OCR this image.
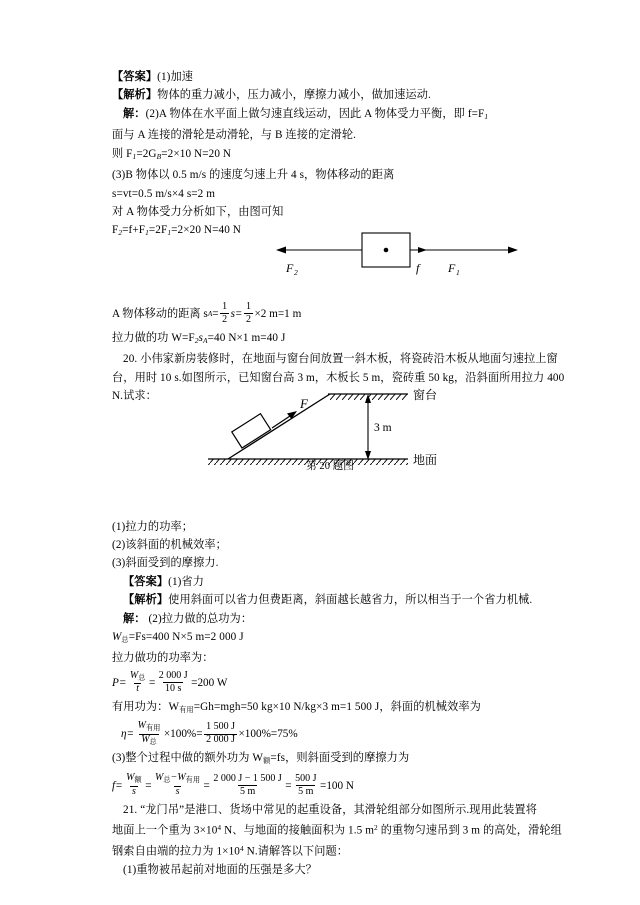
【答案】(1)加速
【解析】物体的重力减小，压力减小，摩擦力减小，做加速运动.
解：(2)A 物体在水平面上做匀速直线运动，因此 A 物体受力平衡，即 $f=F_1$
面与 A 连接的滑轮是动滑轮，与 B 连接的定滑轮.
则 $F_1=2G_B=2\times 10$ N=20 N
(3)B 物体以 0.5 m/s 的速度匀速上升 4 s，物体移动的距离
s=vt=0.5 m/s×4 s=2 m
对 A 物体受力分析如下，由图可知
$F_2=f+F_1=2F_1=2\times 20$ N=40 N
A 物体移动的距离 s $A = \frac{1}{2} s= \frac{1}{2} \times 2$ m=1 m
拉力做的功 $W=F_2s_A=40$ N×1 m=40 J
20. 小伟家新房装修时，在地面与窗台间放置一斜木板，将瓷砖沿木板从地面匀速拉上窗
台，用时 10 s.如图所示，已知窗台高 3 m，木板长 5 m，瓷砖重 50 kg，沿斜面所用拉力 400
N.试求：
(1)拉力的功率；
(2)该斜面的机械效率；
(3)斜面受到的摩擦力.
【答案】(1)省力
【解析】使用斜面可以省力但费距离，斜面越长越省力，所以相当于一个省力机械.
解： (2)拉力做的总功为：
W总=Fs=400 N×5 m=2 000 J
拉力做功的功率为：
$P= \frac{W_总}{t} = \frac{2 000 J}{10 s} =200$ W
有用功为：W有用=Gh=mgh=50 kg×10 N/kg×3 m=1 500 J，斜面的机械效率为
$\eta= \frac{W_{有用}}{W_总} \times 100\%= \frac{1 500 J}{2 000 J} \times 100\%=75\%$
(3)整个过程中做的额外功为 W额=fs，则斜面受到的摩擦力为
$f= \frac{W_额}{s} = \frac{W_总-W_{有用}}{s} = \frac{2 000 J - 1 500 J}{5 m} = \frac{500 J}{5 m} =100$ N
21. “龙门吊”是港口、货场中常见的起重设备，其滑轮组部分如图所示.现用此装置将
地面上一个重为 $3\times 10^4$ N、与地面的接触面积为 1.5 $m^2$ 的重物匀速吊到 3 m 的高处，滑轮组
钢索自由端的拉力为 $1\times 10^4$ N.请解答以下问题：
(1)重物被吊起前对地面的压强是多大？
F 2	f F 1
F
3 m
窗台
地面
第 20 题图
